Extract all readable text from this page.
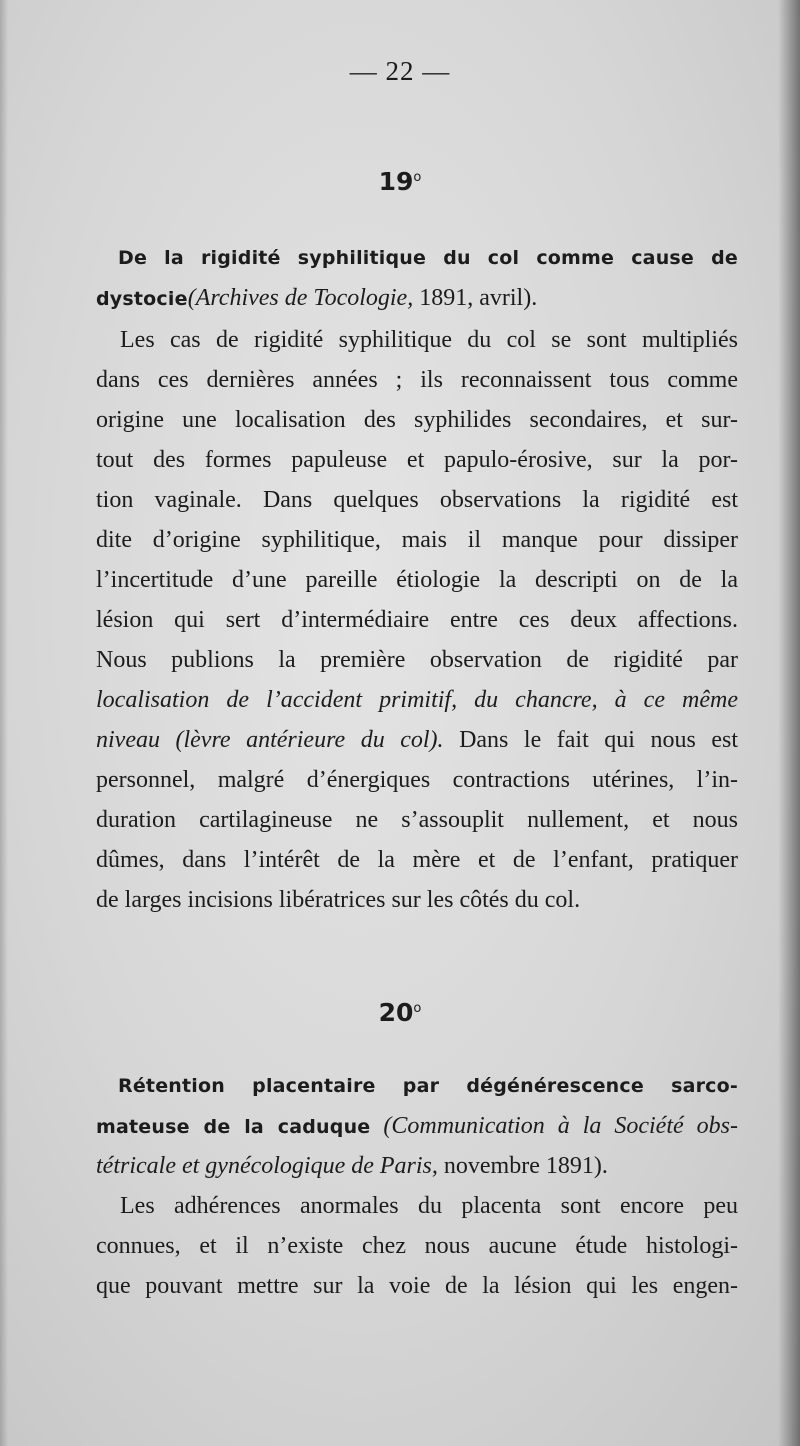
— 22 —
19$^o$
De la rigidité syphilitique du col comme cause de
dystocie(Archives de Tocologie, 1891, avril).
Les cas de rigidité syphilitique du col se sont multipliés
dans ces dernières années ; ils reconnaissent tous comme
origine une localisation des syphilides secondaires, et sur-
tout des formes papuleuse et papulo-érosive, sur la por-
tion vaginale. Dans quelques observations la rigidité est
dite d’origine syphilitique, mais il manque pour dissiper
l’incertitude d’une pareille étiologie la descripti on de la
lésion qui sert d’intermédiaire entre ces deux affections.
Nous publions la première observation de rigidité par
localisation de l’accident primitif, du chancre, à ce même
niveau (lèvre antérieure du col). Dans le fait qui nous est
personnel, malgré d’énergiques contractions utérines, l’in-
duration cartilagineuse ne s’assouplit nullement, et nous
dûmes, dans l’intérêt de la mère et de l’enfant, pratiquer
de larges incisions libératrices sur les côtés du col.
20$^o$
Rétention placentaire par dégénérescence sarco-
mateuse de la caduque (Communication à la Société obs-
tétricale et gynécologique de Paris, novembre 1891).
Les adhérences anormales du placenta sont encore peu
connues, et il n’existe chez nous aucune étude histologi-
que pouvant mettre sur la voie de la lésion qui les engen-
